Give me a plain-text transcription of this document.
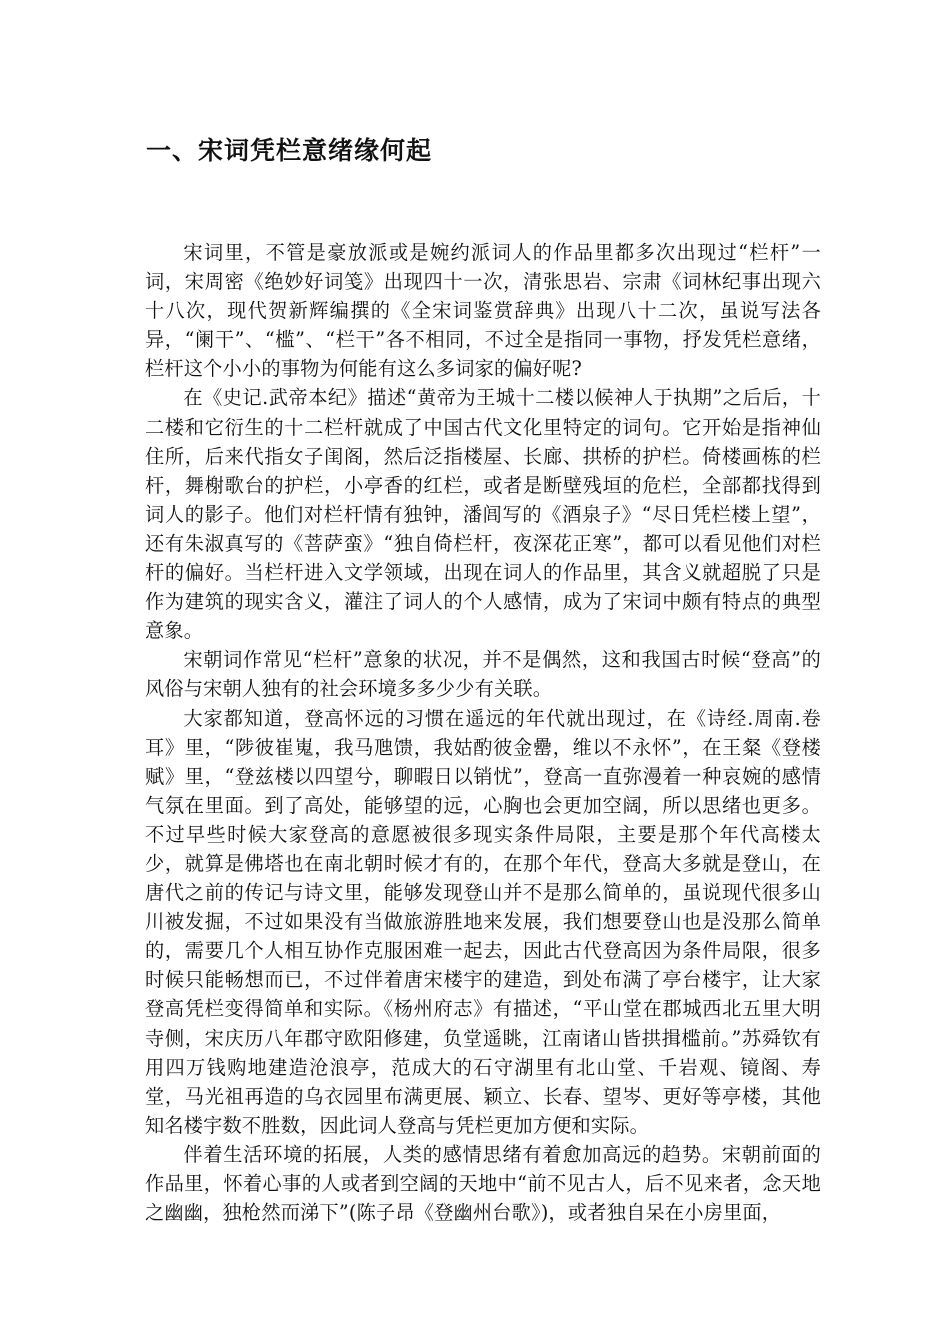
一、宋词凭栏意绪缘何起

宋词里，不管是豪放派或是婉约派词人的作品里都多次出现过“栏杆”一词，宋周密《绝妙好词笺》出现四十一次，清张思岩、宗肃《词林纪事出现六十八次，现代贺新辉编撰的《全宋词鉴赏辞典》出现八十二次，虽说写法各异，“阑干”、“槛”、“栏干”各不相同，不过全是指同一事物，抒发凭栏意绪，栏杆这个小小的事物为何能有这么多词家的偏好呢?

在《史记.武帝本纪》描述“黄帝为王城十二楼以候神人于执期”之后后，十二楼和它衍生的十二栏杆就成了中国古代文化里特定的词句。它开始是指神仙住所，后来代指女子闺阁，然后泛指楼屋、长廊、拱桥的护栏。倚楼画栋的栏杆，舞榭歌台的护栏，小亭香的红栏，或者是断壁残垣的危栏，全部都找得到词人的影子。他们对栏杆情有独钟，潘闾写的《酒泉子》“尽日凭栏楼上望”，还有朱淑真写的《菩萨蛮》“独自倚栏杆，夜深花正寒”，都可以看见他们对栏杆的偏好。当栏杆进入文学领域，出现在词人的作品里，其含义就超脱了只是作为建筑的现实含义，灌注了词人的个人感情，成为了宋词中颇有特点的典型意象。

宋朝词作常见“栏杆”意象的状况，并不是偶然，这和我国古时候“登高”的风俗与宋朝人独有的社会环境多多少少有关联。

大家都知道，登高怀远的习惯在遥远的年代就出现过，在《诗经.周南.卷耳》里，“陟彼崔嵬，我马虺馈，我姑酌彼金罍，维以不永怀”，在王粲《登楼赋》里，“登兹楼以四望兮，聊暇日以销忧”，登高一直弥漫着一种哀婉的感情气氛在里面。到了高处，能够望的远，心胸也会更加空阔，所以思绪也更多。不过早些时候大家登高的意愿被很多现实条件局限，主要是那个年代高楼太少，就算是佛塔也在南北朝时候才有的，在那个年代，登高大多就是登山，在唐代之前的传记与诗文里，能够发现登山并不是那么简单的，虽说现代很多山川被发掘，不过如果没有当做旅游胜地来发展，我们想要登山也是没那么简单的，需要几个人相互协作克服困难一起去，因此古代登高因为条件局限，很多时候只能畅想而已，不过伴着唐宋楼宇的建造，到处布满了亭台楼宇，让大家登高凭栏变得简单和实际。《杨州府志》有描述，“平山堂在郡城西北五里大明寺侧，宋庆历八年郡守欧阳修建，负堂遥眺，江南诸山皆拱揖槛前。”苏舜钦有用四万钱购地建造沧浪亭，范成大的石守湖里有北山堂、千岩观、镜阁、寿堂，马光祖再造的乌衣园里布满更展、颖立、长春、望岑、更好等亭楼，其他知名楼宇数不胜数，因此词人登高与凭栏更加方便和实际。

伴着生活环境的拓展，人类的感情思绪有着愈加高远的趋势。宋朝前面的作品里，怀着心事的人或者到空阔的天地中“前不见古人，后不见来者，念天地之幽幽，独枪然而涕下”(陈子昂《登幽州台歌》)，或者独自呆在小房里面，
